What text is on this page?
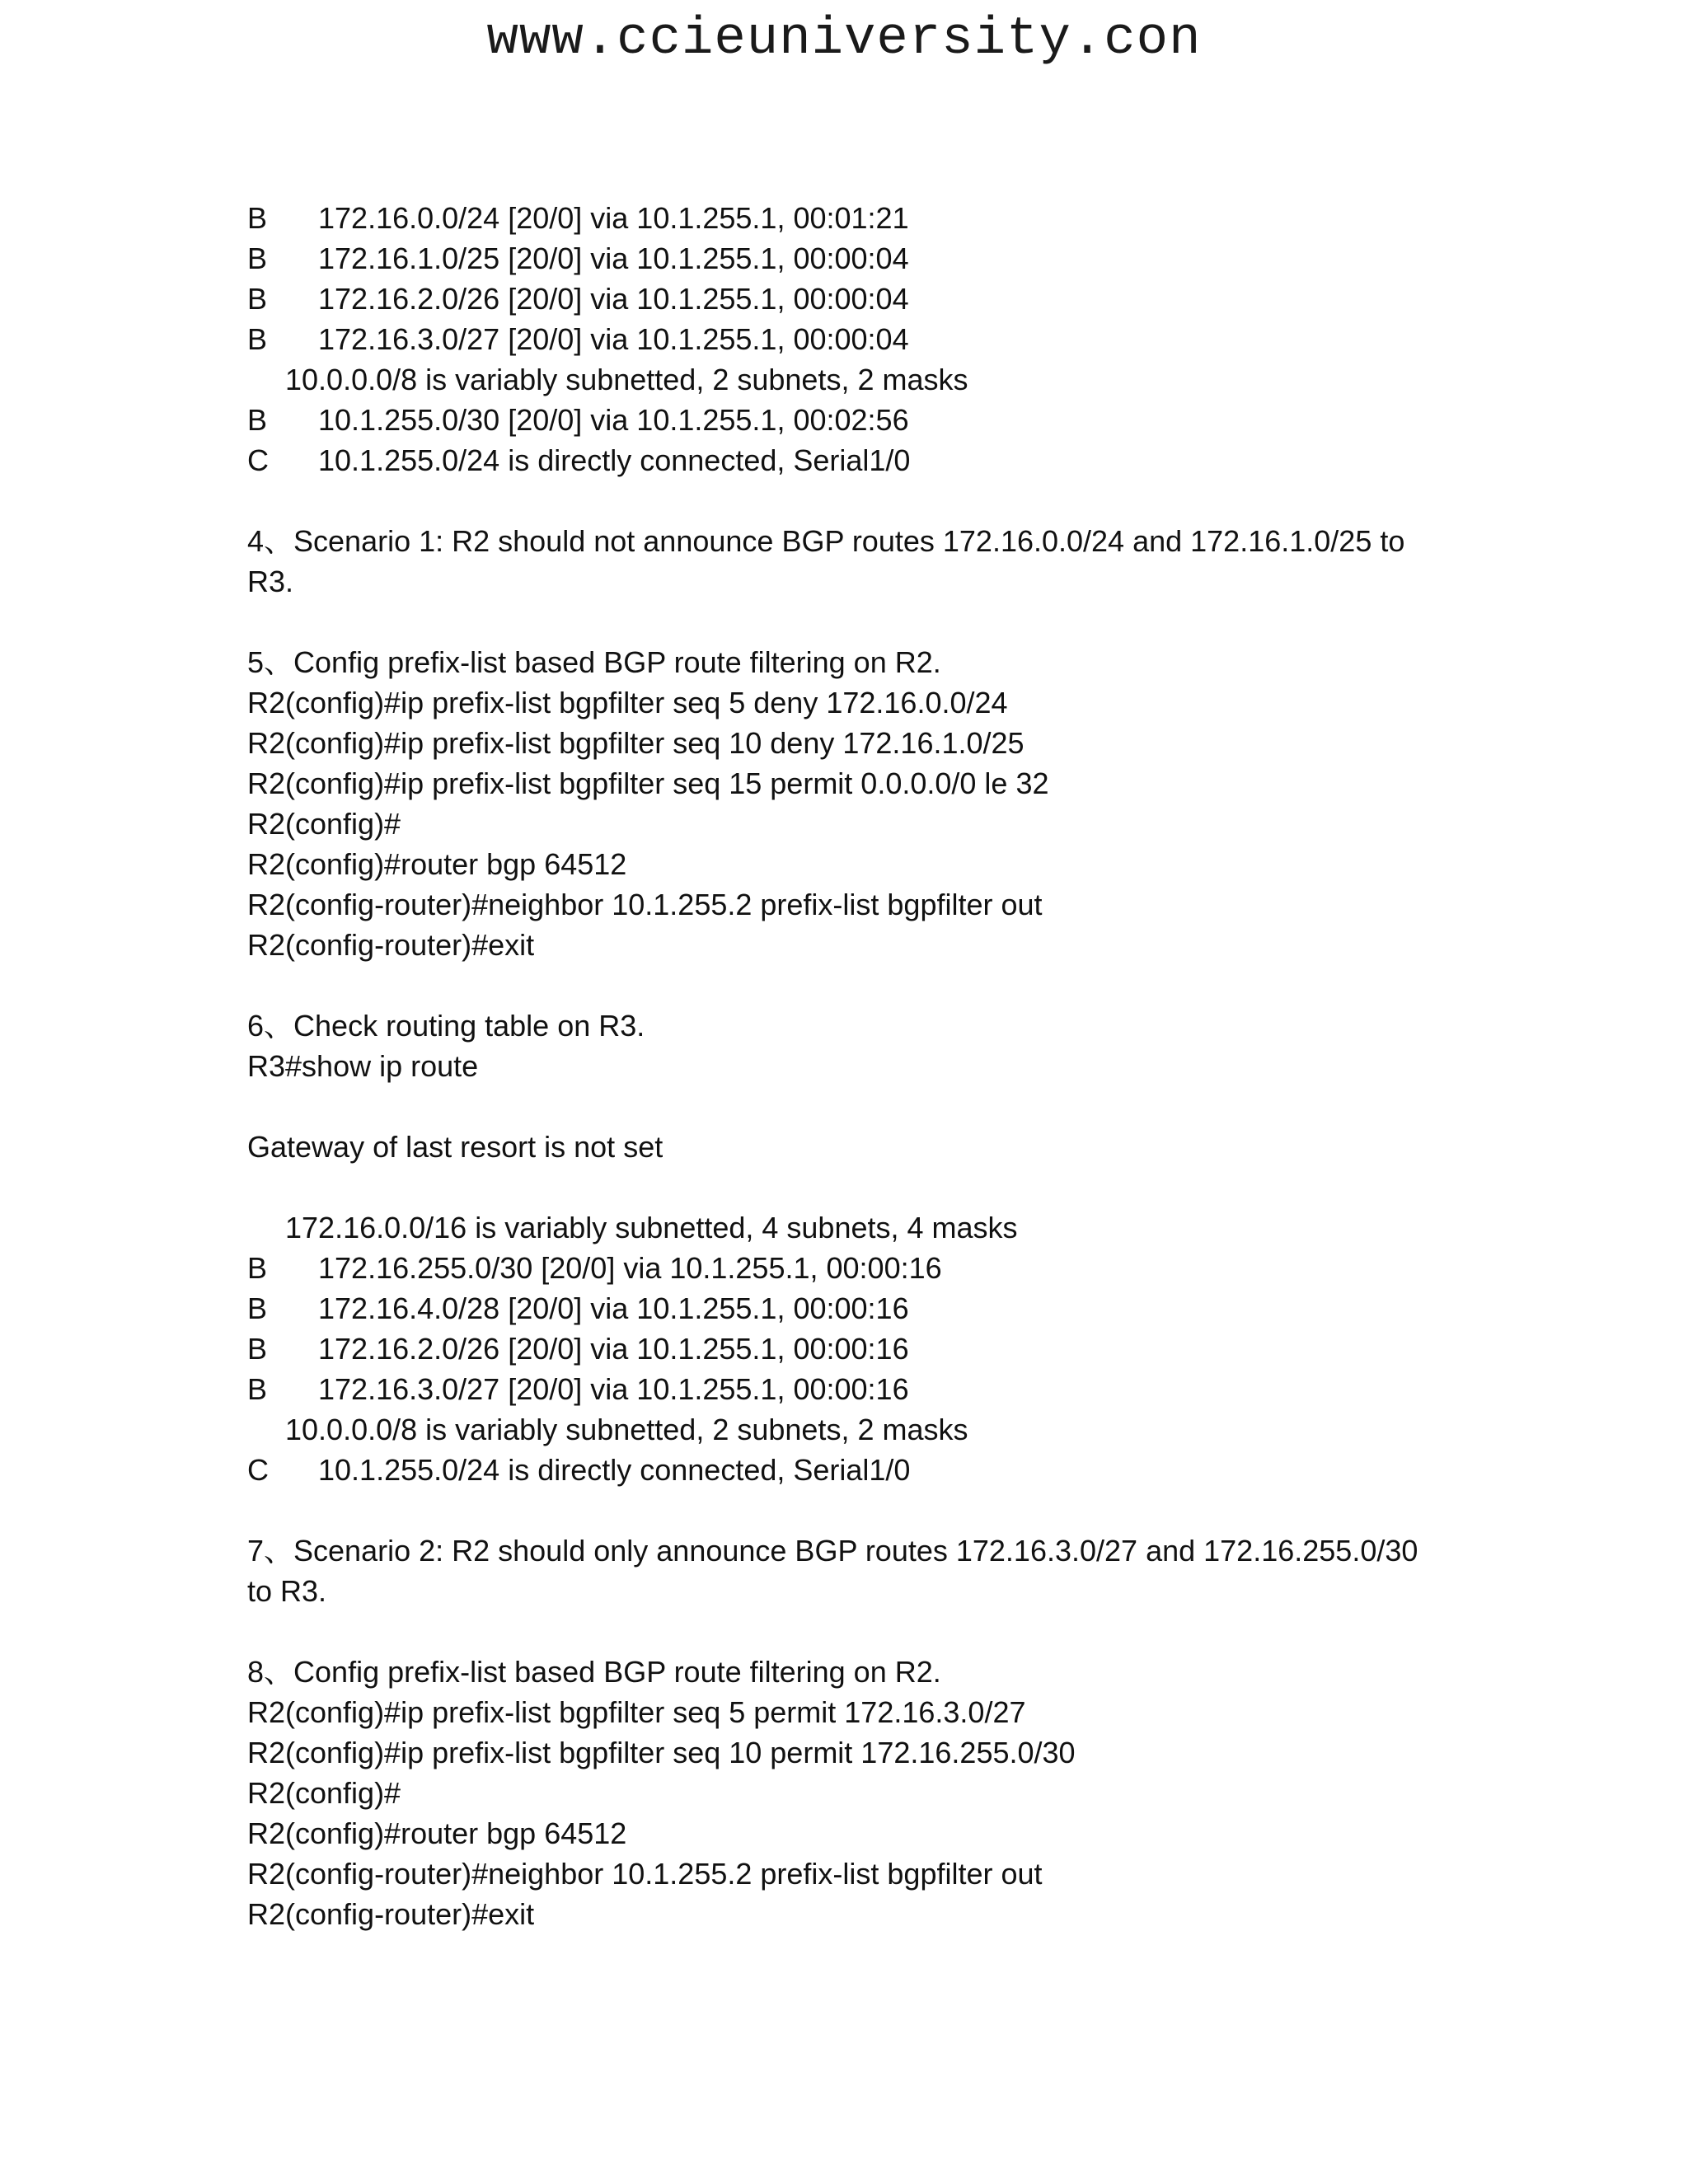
www.ccieuniversity.con
B	172.16.0.0/24 [20/0] via 10.1.255.1, 00:01:21
B	172.16.1.0/25 [20/0] via 10.1.255.1, 00:00:04
B	172.16.2.0/26 [20/0] via 10.1.255.1, 00:00:04
B	172.16.3.0/27 [20/0] via 10.1.255.1, 00:00:04
10.0.0.0/8 is variably subnetted, 2 subnets, 2 masks
B	10.1.255.0/30 [20/0] via 10.1.255.1, 00:02:56
C	10.1.255.0/24 is directly connected, Serial1/0
4、Scenario 1: R2 should not announce BGP routes 172.16.0.0/24 and 172.16.1.0/25 to R3.
5、Config prefix-list based BGP route filtering on R2.
R2(config)#ip prefix-list bgpfilter seq 5 deny 172.16.0.0/24
R2(config)#ip prefix-list bgpfilter seq 10 deny 172.16.1.0/25
R2(config)#ip prefix-list bgpfilter seq 15 permit 0.0.0.0/0 le 32
R2(config)#
R2(config)#router bgp 64512
R2(config-router)#neighbor 10.1.255.2 prefix-list bgpfilter out
R2(config-router)#exit
6、Check routing table on R3.
R3#show ip route
Gateway of last resort is not set
172.16.0.0/16 is variably subnetted, 4 subnets, 4 masks
B	172.16.255.0/30 [20/0] via 10.1.255.1, 00:00:16
B	172.16.4.0/28 [20/0] via 10.1.255.1, 00:00:16
B	172.16.2.0/26 [20/0] via 10.1.255.1, 00:00:16
B	172.16.3.0/27 [20/0] via 10.1.255.1, 00:00:16
10.0.0.0/8 is variably subnetted, 2 subnets, 2 masks
C	10.1.255.0/24 is directly connected, Serial1/0
7、Scenario 2: R2 should only announce BGP routes 172.16.3.0/27 and 172.16.255.0/30 to R3.
8、Config prefix-list based BGP route filtering on R2.
R2(config)#ip prefix-list bgpfilter seq 5 permit 172.16.3.0/27
R2(config)#ip prefix-list bgpfilter seq 10 permit 172.16.255.0/30
R2(config)#
R2(config)#router bgp 64512
R2(config-router)#neighbor 10.1.255.2 prefix-list bgpfilter out
R2(config-router)#exit
